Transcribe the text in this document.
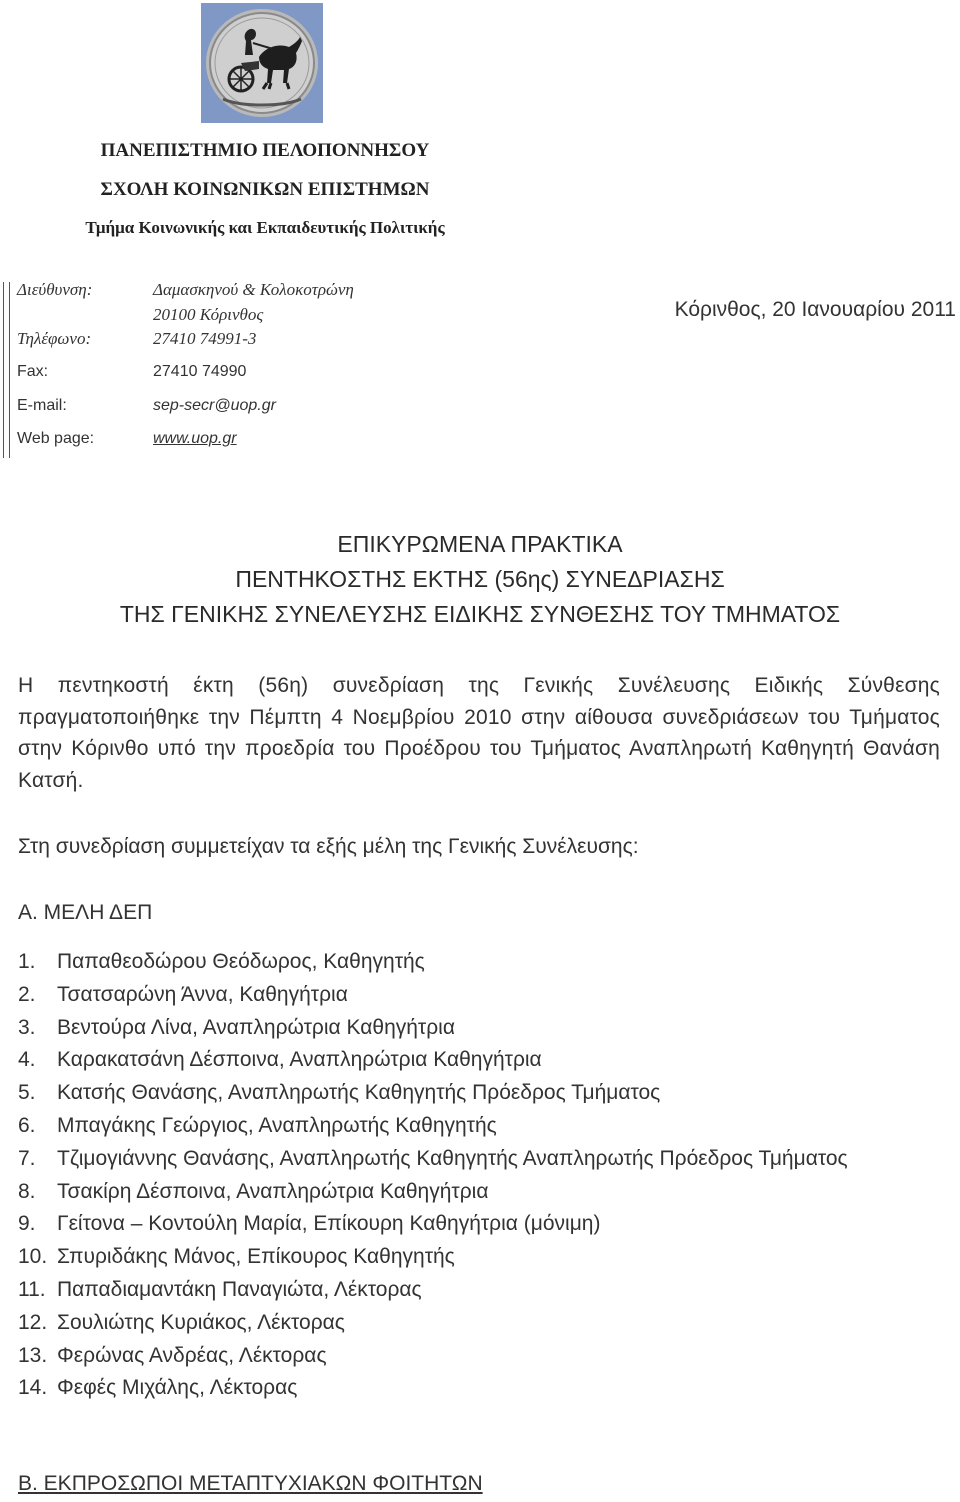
ΠΑΝΕΠΙΣΤΗΜΙΟ ΠΕΛΟΠΟΝΝΗΣΟΥ
ΣΧΟΛΗ ΚΟΙΝΩΝΙΚΩΝ ΕΠΙΣΤΗΜΩΝ
Τμήμα Κοινωνικής και Εκπαιδευτικής Πολιτικής
Διεύθυνση:	Δαμασκηνού & Κολοκοτρώνη
20100 Κόρινθος
Τηλέφωνο:	27410 74991-3
Fax:	27410 74990
E-mail:	sep-secr@uop.gr
Web page:	www.uop.gr
Κόρινθος, 20 Ιανουαρίου 2011
ΕΠΙΚΥΡΩΜΕΝΑ ΠΡΑΚΤΙΚΑ
ΠΕΝΤΗΚΟΣΤΗΣ ΕΚΤΗΣ (56ης) ΣΥΝΕΔΡΙΑΣΗΣ
ΤΗΣ ΓΕΝΙΚΗΣ ΣΥΝΕΛΕΥΣΗΣ ΕΙΔΙΚΗΣ ΣΥΝΘΕΣΗΣ ΤΟΥ ΤΜΗΜΑΤΟΣ
Η πεντηκοστή έκτη (56η) συνεδρίαση της Γενικής Συνέλευσης Ειδικής Σύνθεσης πραγματοποιήθηκε την Πέμπτη 4 Νοεμβρίου 2010 στην αίθουσα συνεδριάσεων του Τμήματος στην Κόρινθο υπό την προεδρία του Προέδρου του Τμήματος Αναπληρωτή Καθηγητή Θανάση Κατσή.
Στη συνεδρίαση συμμετείχαν τα εξής μέλη της Γενικής Συνέλευσης:
Α. ΜΕΛΗ ΔΕΠ
1. Παπαθεοδώρου Θεόδωρος, Καθηγητής
2. Τσατσαρώνη Άννα, Καθηγήτρια
3. Βεντούρα Λίνα, Αναπληρώτρια Καθηγήτρια
4. Καρακατσάνη Δέσποινα, Αναπληρώτρια Καθηγήτρια
5. Κατσής Θανάσης, Αναπληρωτής Καθηγητής Πρόεδρος Τμήματος
6. Μπαγάκης Γεώργιος, Αναπληρωτής Καθηγητής
7. Τζιμογιάννης Θανάσης, Αναπληρωτής Καθηγητής Αναπληρωτής Πρόεδρος Τμήματος
8. Τσακίρη Δέσποινα, Αναπληρώτρια Καθηγήτρια
9. Γείτονα – Κοντούλη Μαρία, Επίκουρη Καθηγήτρια (μόνιμη)
10. Σπυριδάκης Μάνος, Επίκουρος Καθηγητής
11. Παπαδιαμαντάκη Παναγιώτα, Λέκτορας
12. Σουλιώτης Κυριάκος, Λέκτορας
13. Φερώνας Ανδρέας, Λέκτορας
14. Φεφές Μιχάλης, Λέκτορας
Β. ΕΚΠΡΟΣΩΠΟΙ ΜΕΤΑΠΤΥΧΙΑΚΩΝ ΦΟΙΤΗΤΩΝ
